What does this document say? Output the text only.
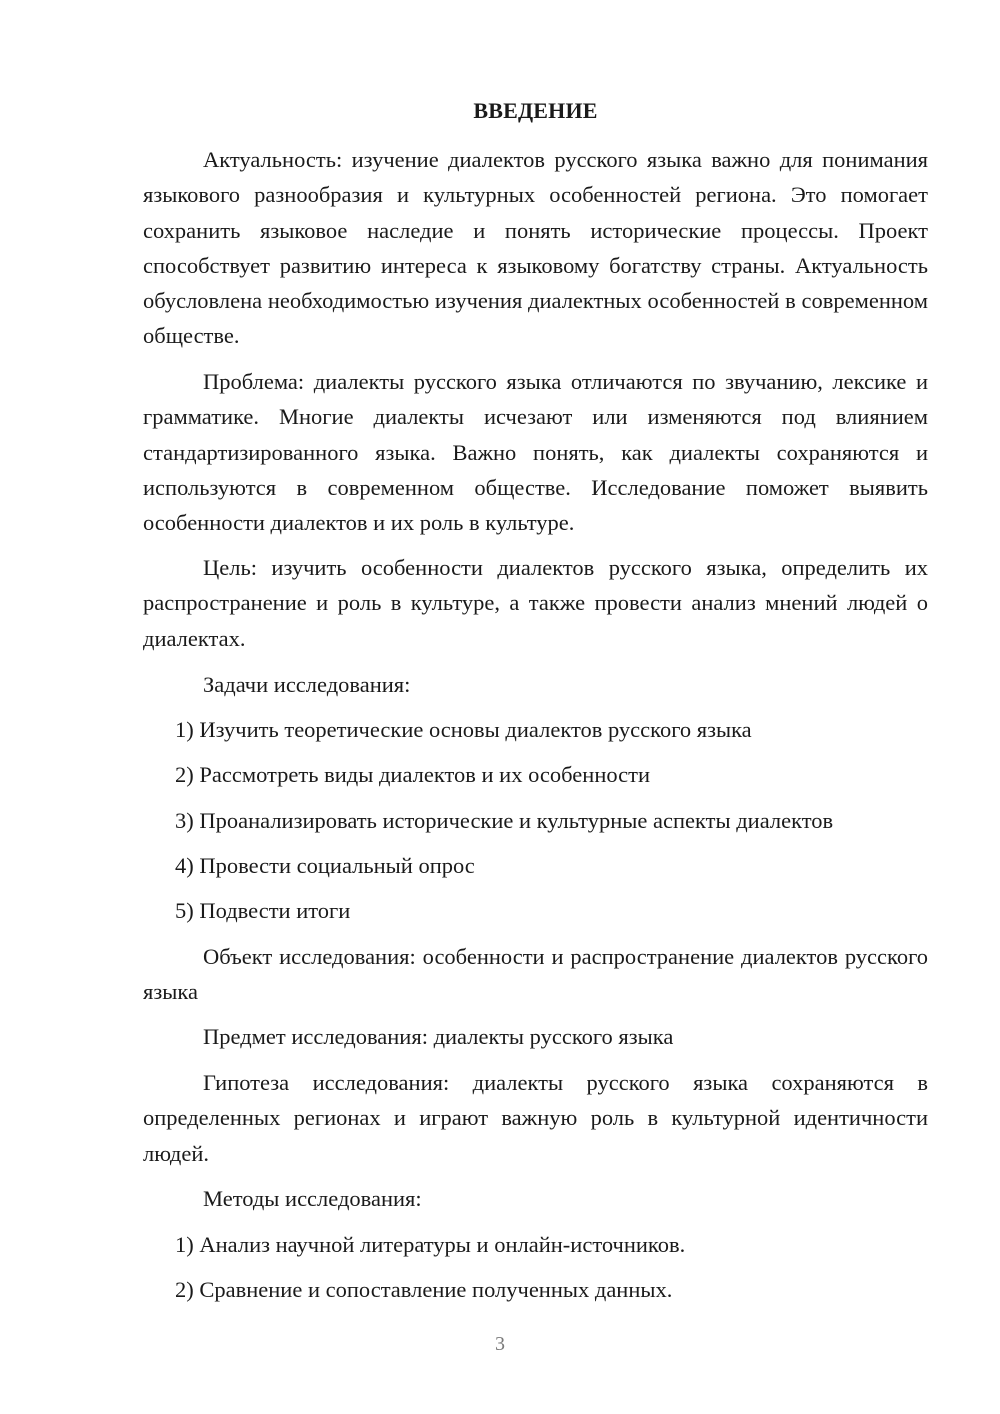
ВВЕДЕНИЕ

Актуальность: изучение диалектов русского языка важно для понимания языкового разнообразия и культурных особенностей региона. Это помогает сохранить языковое наследие и понять исторические процессы. Проект способствует развитию интереса к языковому богатству страны. Актуальность обусловлена необходимостью изучения диалектных особенностей в современном обществе.

Проблема: диалекты русского языка отличаются по звучанию, лексике и грамматике. Многие диалекты исчезают или изменяются под влиянием стандартизированного языка. Важно понять, как диалекты сохраняются и используются в современном обществе. Исследование поможет выявить особенности диалектов и их роль в культуре.

Цель: изучить особенности диалектов русского языка, определить их распространение и роль в культуре, а также провести анализ мнений людей о диалектах.

Задачи исследования:

1) Изучить теоретические основы диалектов русского языка

2) Рассмотреть виды диалектов и их особенности

3) Проанализировать исторические и культурные аспекты диалектов

4) Провести социальный опрос

5) Подвести итоги

Объект исследования: особенности и распространение диалектов русского языка

Предмет исследования: диалекты русского языка

Гипотеза исследования: диалекты русского языка сохраняются в определенных регионах и играют важную роль в культурной идентичности людей.

Методы исследования:

1) Анализ научной литературы и онлайн-источников.

2) Сравнение и сопоставление полученных данных.

3
